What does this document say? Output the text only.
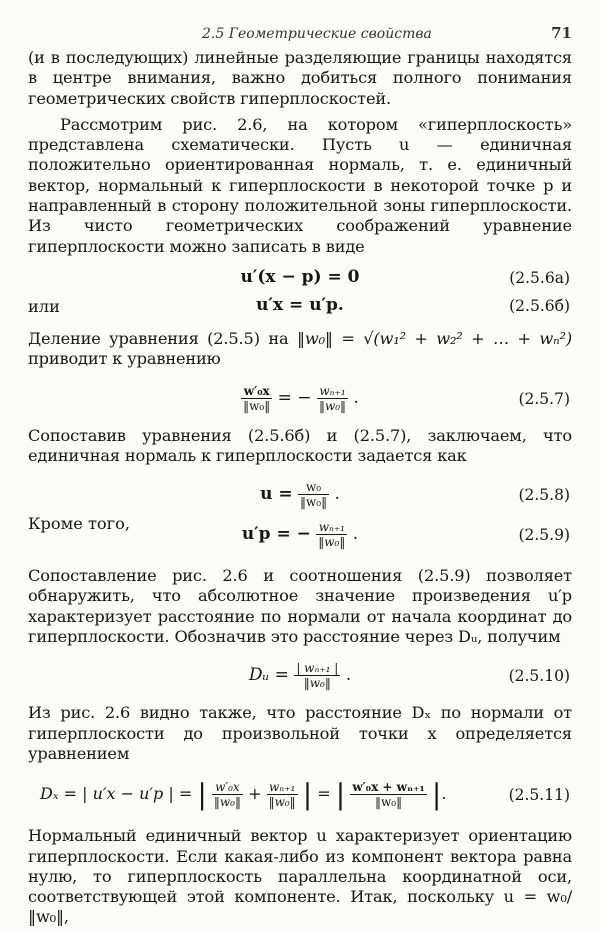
2.5 Геометрические свойства	71

(и в последующих) линейные разделяющие границы находятся в центре внимания, важно добиться полного понимания геометрических свойств гиперплоскостей.

Рассмотрим рис. 2.6, на котором «гиперплоскость» представлена схематически. Пусть u — единичная положительно ориентированная нормаль, т. е. единичный вектор, нормальный к гиперплоскости в некоторой точке p и направленный в сторону положительной зоны гиперплоскости. Из чисто геометрических соображений уравнение гиперплоскости можно записать в виде

u′(x − p) = 0	(2.5.6а)
или	u′x = u′p.	(2.5.6б)

Деление уравнения (2.5.5) на ‖w₀‖ = √(w₁² + w₂² + … + wₙ²) приводит к уравнению

$\frac{\text{w′₀x}}{\text{‖w₀‖}}$ = − $\frac{\text{wₙ₊₁}}{\text{‖w₀‖}}$ .	(2.5.7)

Сопоставив уравнения (2.5.6б) и (2.5.7), заключаем, что единичная нормаль к гиперплоскости задается как

$u = \frac{\text{w₀}}{\text{‖w₀‖}}$ .	(2.5.8)
Кроме того,
u′p = − $\frac{\text{wₙ₊₁}}{\text{‖w₀‖}}$ .	(2.5.9)

Сопоставление рис. 2.6 и соотношения (2.5.9) позволяет обнаружить, что абсолютное значение произведения u′p характеризует расстояние по нормали от начала координат до гиперплоскости. Обозначив это расстояние через Dᵤ, получим

Dᵤ = $\frac{\text{| wₙ₊₁ |}}{\text{‖w₀‖}}$ .	(2.5.10)

Из рис. 2.6 видно также, что расстояние Dₓ по нормали от гиперплоскости до произвольной точки x определяется уравнением

Dₓ = | u′x − u′p | = | $\frac{\text{w′₀x}}{\text{‖w₀‖}} + \frac{\text{wₙ₊₁}}{\text{‖w₀‖}}$ | = | $\frac{\text{w′₀x + wₙ₊₁}}{\text{‖w₀‖}}$ |.	(2.5.11)

Нормальный единичный вектор u характеризует ориентацию гиперплоскости. Если какая-либо из компонент вектора равна нулю, то гиперплоскость параллельна координатной оси, соответствующей этой компоненте. Итак, поскольку u = w₀/‖w₀‖,
